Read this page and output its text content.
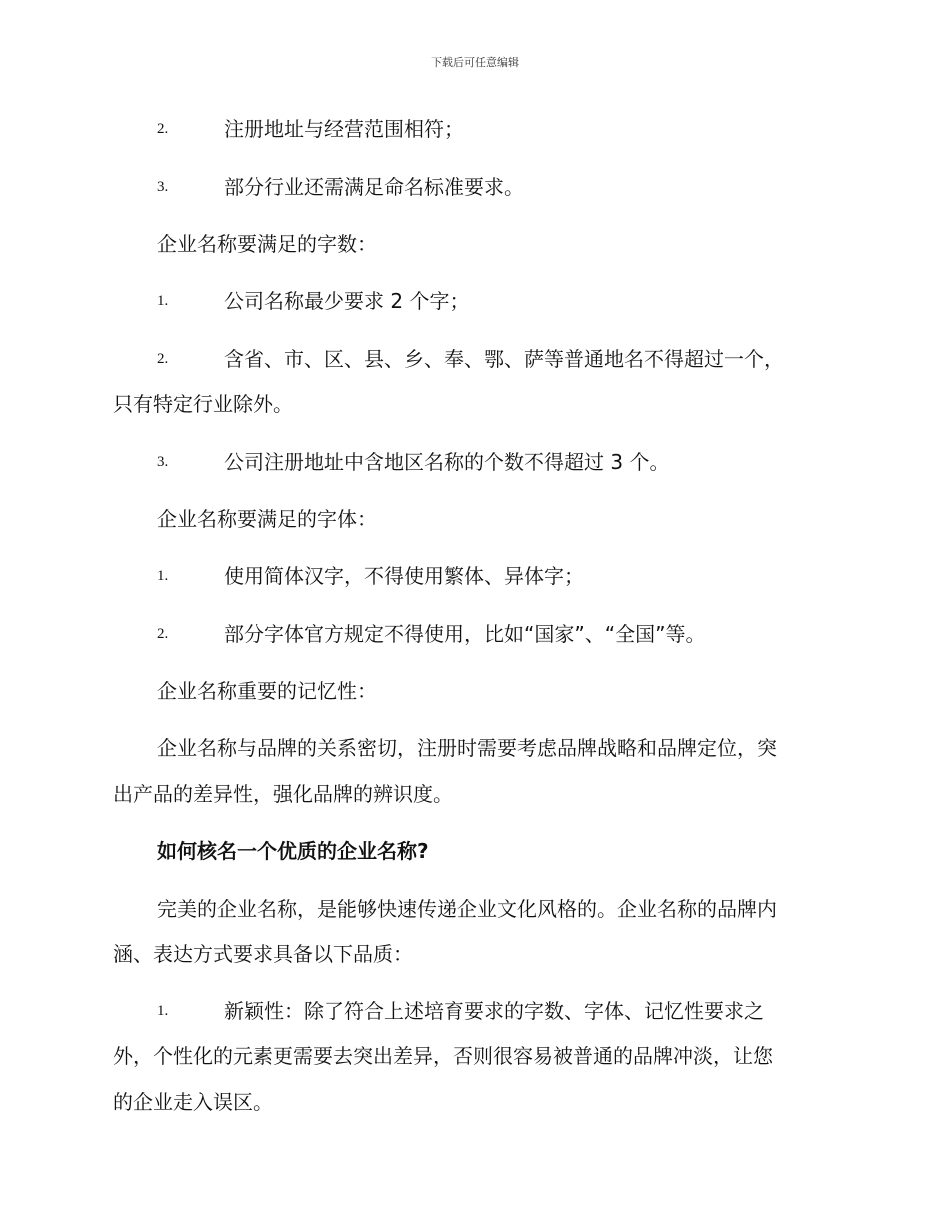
下载后可任意编辑
2.	注册地址与经营范围相符；
3.	部分行业还需满足命名标准要求。
企业名称要满足的字数：
1.	公司名称最少要求 2 个字；
2.	含省、市、区、县、乡、奉、鄂、萨等普通地名不得超过一个，
只有特定行业除外。
3.	公司注册地址中含地区名称的个数不得超过 3 个。
企业名称要满足的字体：
1.	使用简体汉字，不得使用繁体、异体字；
2.	部分字体官方规定不得使用，比如“国家”、“全国”等。
企业名称重要的记忆性：
企业名称与品牌的关系密切，注册时需要考虑品牌战略和品牌定位，突
出产品的差异性，强化品牌的辨识度。
如何核名一个优质的企业名称?
完美的企业名称，是能够快速传递企业文化风格的。企业名称的品牌内
涵、表达方式要求具备以下品质：
1.	新颖性：除了符合上述培育要求的字数、字体、记忆性要求之
外，个性化的元素更需要去突出差异，否则很容易被普通的品牌冲淡，让您
的企业走入误区。
